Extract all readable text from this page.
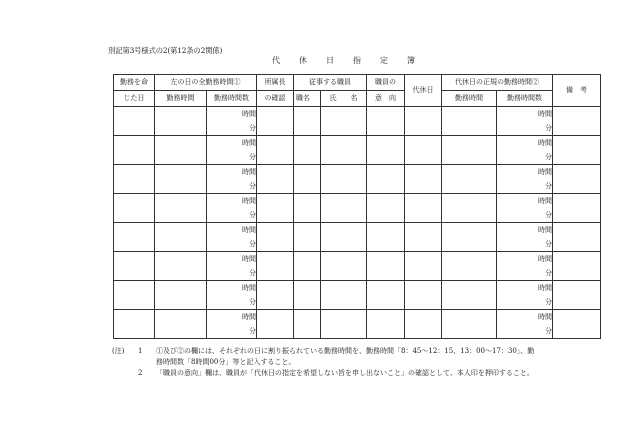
別記第3号様式の2(第12条の2関係)
代 休 日 指 定 簿
勤務を命	左の日の全勤務時間①		所属長	従事する職員		職員の	代休日	代休日の正規の勤務時間②		備　考
じた日	勤務時間	勤務時間数	の確認	職名	氏　　名	意　向		勤務時間	勤務時間数	
		時間							時間	
		分							分	
		時間							時間	
		分							分	
		時間							時間	
		分							分	
		時間							時間	
		分							分	
		時間							時間	
		分							分	
		時間							時間	
		分							分	
		時間							時間	
		分							分	
		時間							時間	
		分							分	
(注)	1	①及び②の欄には、それぞれの日に割り振られている勤務時間を、勤務時間「8：45～12：15、13：00～17：30」、勤
務時間数「8時間00分」等と記入すること。
2	「職員の意向」欄は、職員が「代休日の指定を希望しない旨を申し出ないこと」の確認として、本人印を押印すること。
